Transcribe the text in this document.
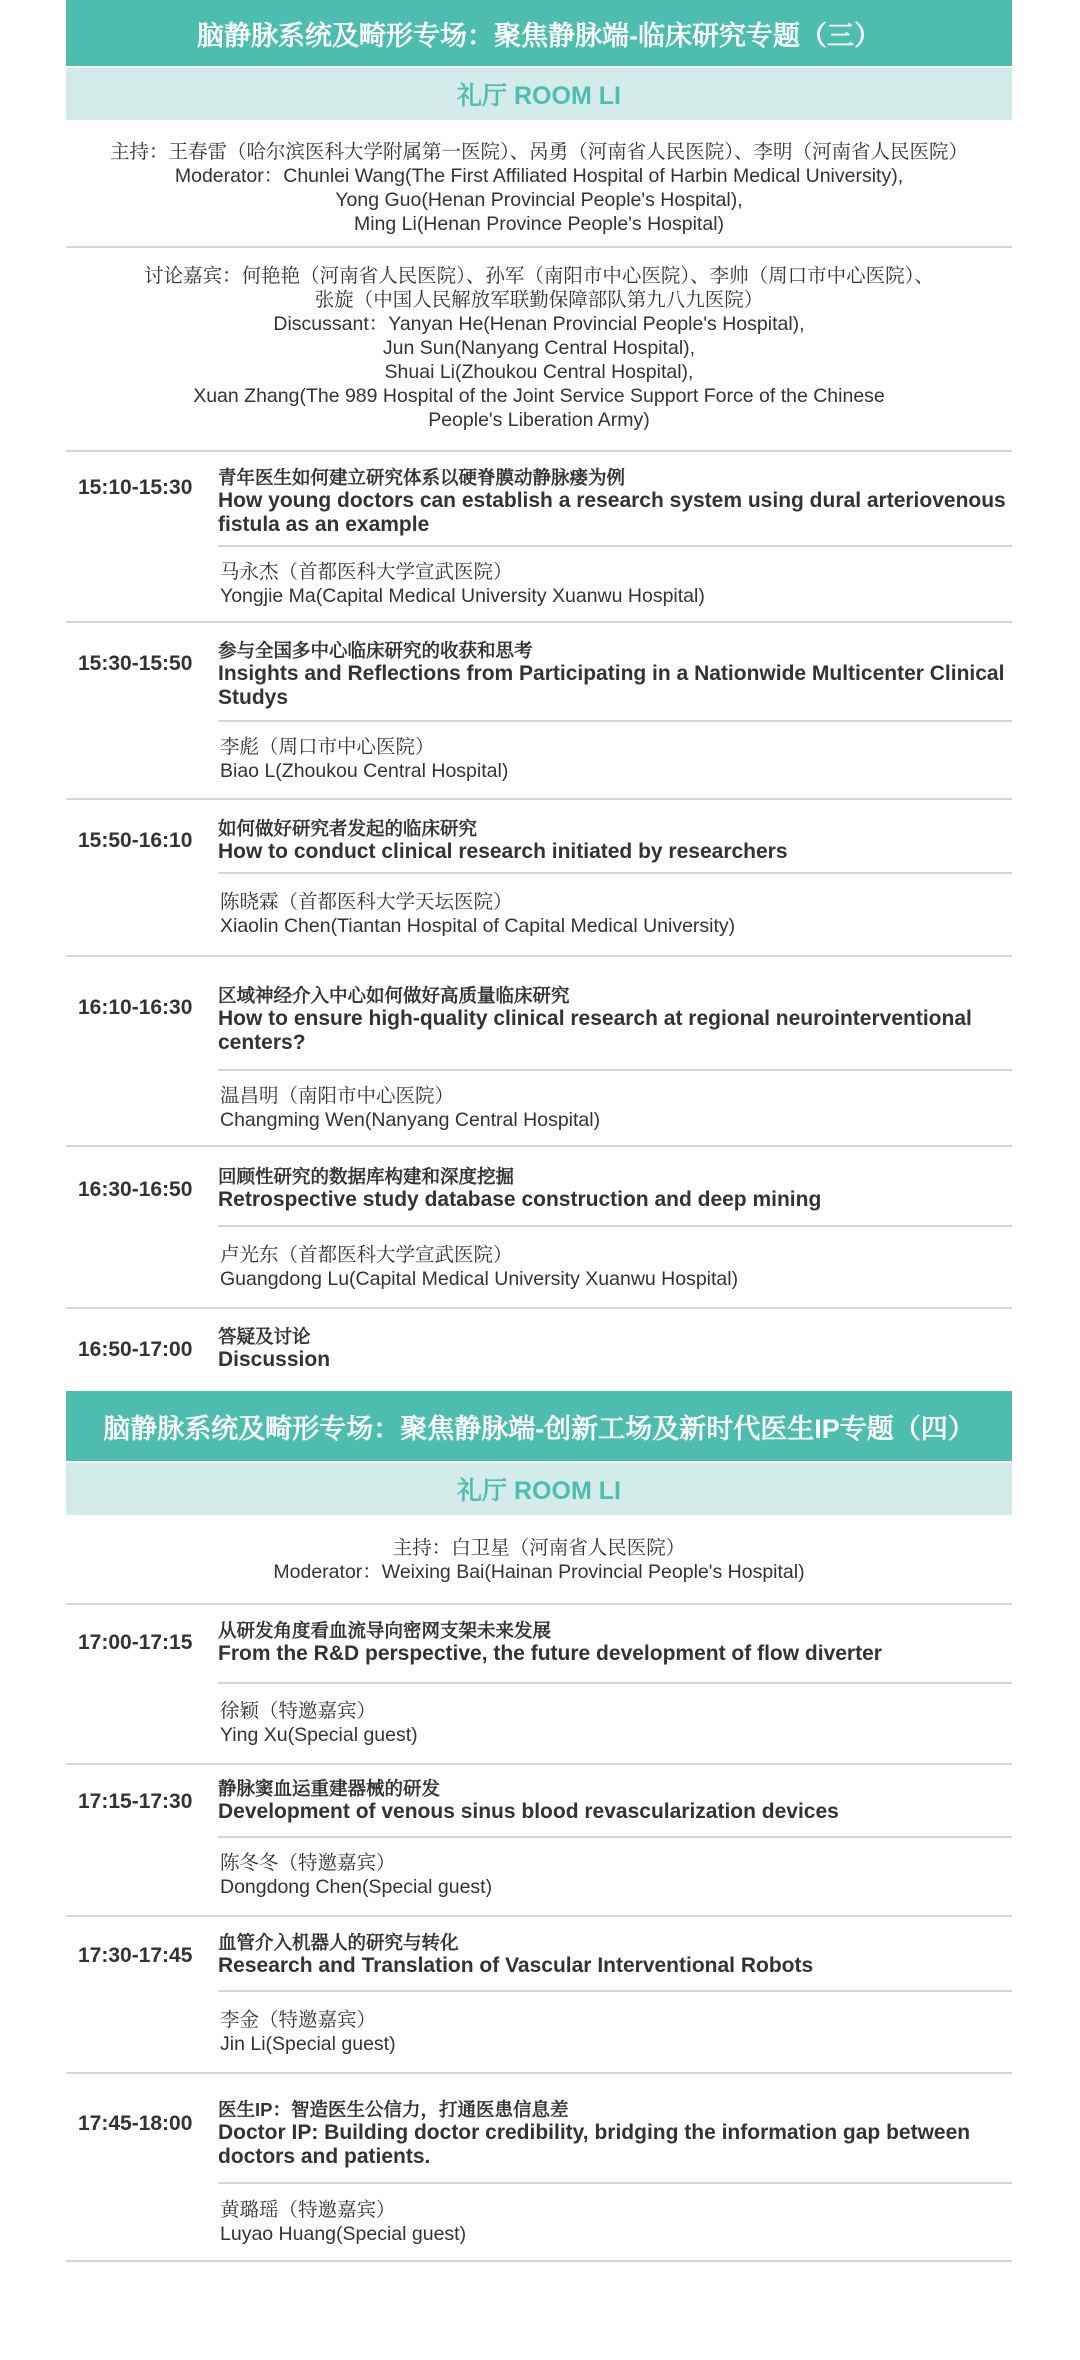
脑静脉系统及畸形专场：聚焦静脉端-临床研究专题（三）
礼厅 ROOM LI
主持：王春雷（哈尔滨医科大学附属第一医院）、呙勇（河南省人民医院）、李明（河南省人民医院）
Moderator：Chunlei Wang(The First Affiliated Hospital of Harbin Medical University),
Yong Guo(Henan Provincial People's Hospital),
Ming Li(Henan Province People's Hospital)
讨论嘉宾：何艳艳（河南省人民医院）、孙军（南阳市中心医院）、李帅（周口市中心医院）、
张旋（中国人民解放军联勤保障部队第九八九医院）
Discussant：Yanyan He(Henan Provincial People's Hospital),
Jun Sun(Nanyang Central Hospital),
Shuai Li(Zhoukou Central Hospital),
Xuan Zhang(The 989 Hospital of the Joint Service Support Force of the Chinese
People's Liberation Army)
15:10-15:30 青年医生如何建立研究体系以硬脊膜动静脉瘘为例
How young doctors can establish a research system using dural arteriovenous
fistula as an example
马永杰（首都医科大学宣武医院）
Yongjie Ma(Capital Medical University Xuanwu Hospital)
15:30-15:50
参与全国多中心临床研究的收获和思考
Insights and Reflections from Participating in a Nationwide Multicenter Clinical
Studys
李彪（周口市中心医院）
Biao L(Zhoukou Central Hospital)
15:50-16:10
如何做好研究者发起的临床研究
How to conduct clinical research initiated by researchers
陈晓霖（首都医科大学天坛医院）
Xiaolin Chen(Tiantan Hospital of Capital Medical University)
16:10-16:30
区域神经介入中心如何做好高质量临床研究
How to ensure high-quality clinical research at regional neurointerventional
centers?
温昌明（南阳市中心医院）
Changming Wen(Nanyang Central Hospital)
16:30-16:50
回顾性研究的数据库构建和深度挖掘
Retrospective study database construction and deep mining
卢光东（首都医科大学宣武医院）
Guangdong Lu(Capital Medical University Xuanwu Hospital)
16:50-17:00
答疑及讨论
Discussion
脑静脉系统及畸形专场：聚焦静脉端-创新工场及新时代医生IP专题（四）
礼厅 ROOM LI
主持：白卫星（河南省人民医院）
Moderator：Weixing Bai(Hainan Provincial People's Hospital)
17:00-17:15
从研发角度看血流导向密网支架未来发展
From the R&D perspective, the future development of flow diverter
徐颖（特邀嘉宾）
Ying Xu(Special guest)
17:15-17:30
静脉窦血运重建器械的研发
Development of venous sinus blood revascularization devices
陈冬冬（特邀嘉宾）
Dongdong Chen(Special guest)
17:30-17:45
血管介入机器人的研究与转化
Research and Translation of Vascular Interventional Robots
李金（特邀嘉宾）
Jin Li(Special guest)
17:45-18:00
医生IP：智造医生公信力，打通医患信息差
Doctor IP: Building doctor credibility, bridging the information gap between
doctors and patients.
黄璐瑶（特邀嘉宾）
Luyao Huang(Special guest)
